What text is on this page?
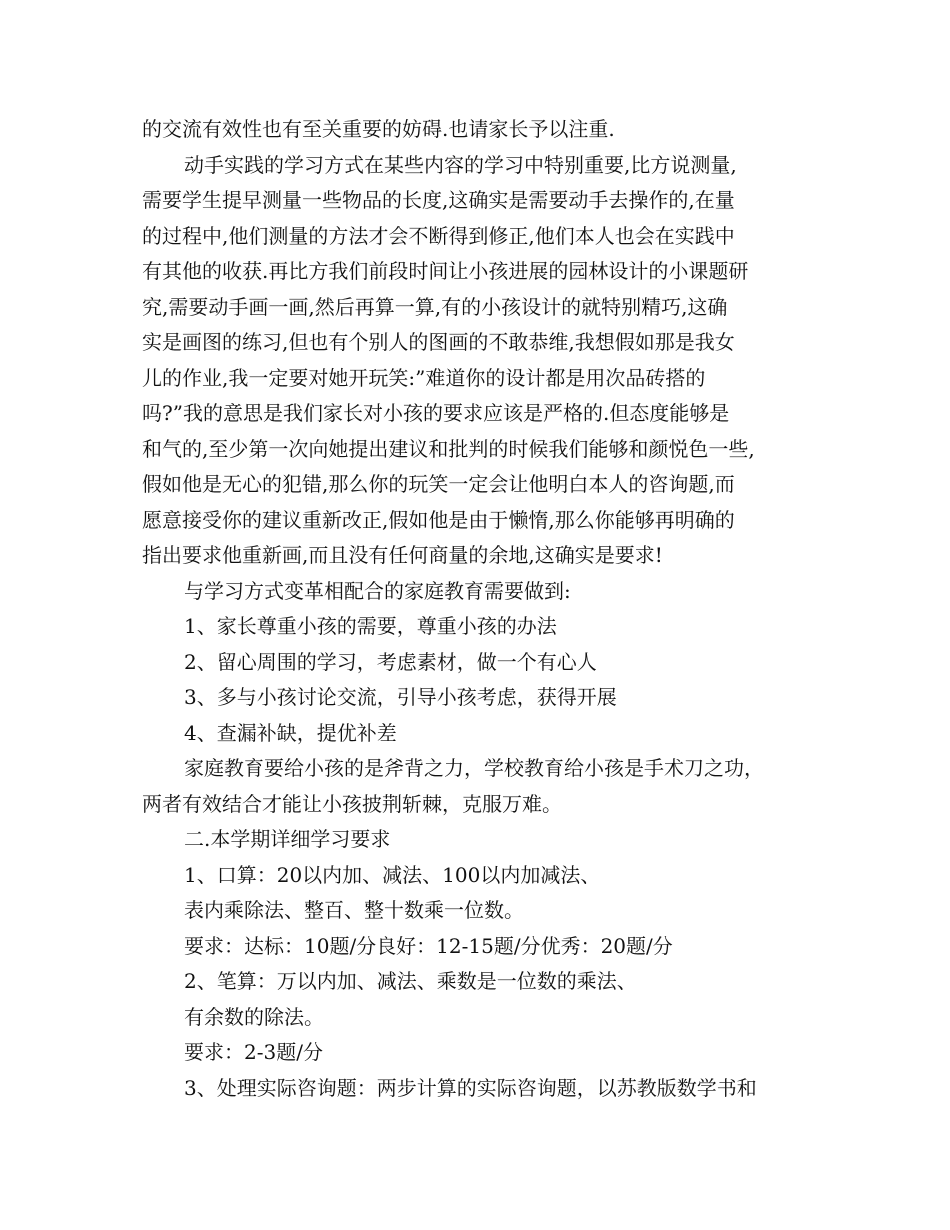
的交流有效性也有至关重要的妨碍.也请家长予以注重.
动手实践的学习方式在某些内容的学习中特别重要,比方说测量,
需要学生提早测量一些物品的长度,这确实是需要动手去操作的,在量
的过程中,他们测量的方法才会不断得到修正,他们本人也会在实践中
有其他的收获.再比方我们前段时间让小孩进展的园林设计的小课题研
究,需要动手画一画,然后再算一算,有的小孩设计的就特别精巧,这确
实是画图的练习,但也有个别人的图画的不敢恭维,我想假如那是我女
儿的作业,我一定要对她开玩笑:”难道你的设计都是用次品砖搭的
吗?”我的意思是我们家长对小孩的要求应该是严格的.但态度能够是
和气的,至少第一次向她提出建议和批判的时候我们能够和颜悦色一些,
假如他是无心的犯错,那么你的玩笑一定会让他明白本人的咨询题,而
愿意接受你的建议重新改正,假如他是由于懒惰,那么你能够再明确的
指出要求他重新画,而且没有任何商量的余地,这确实是要求!
与学习方式变革相配合的家庭教育需要做到:
1、家长尊重小孩的需要，尊重小孩的办法
2、留心周围的学习，考虑素材，做一个有心人
3、多与小孩讨论交流，引导小孩考虑，获得开展
4、查漏补缺，提优补差
家庭教育要给小孩的是斧背之力，学校教育给小孩是手术刀之功，
两者有效结合才能让小孩披荆斩棘，克服万难。
二.本学期详细学习要求
1、口算：20以内加、减法、100以内加减法、
表内乘除法、整百、整十数乘一位数。
要求：达标：10题/分良好：12-15题/分优秀：20题/分
2、笔算：万以内加、减法、乘数是一位数的乘法、
有余数的除法。
要求：2-3题/分
3、处理实际咨询题：两步计算的实际咨询题，以苏教版数学书和
